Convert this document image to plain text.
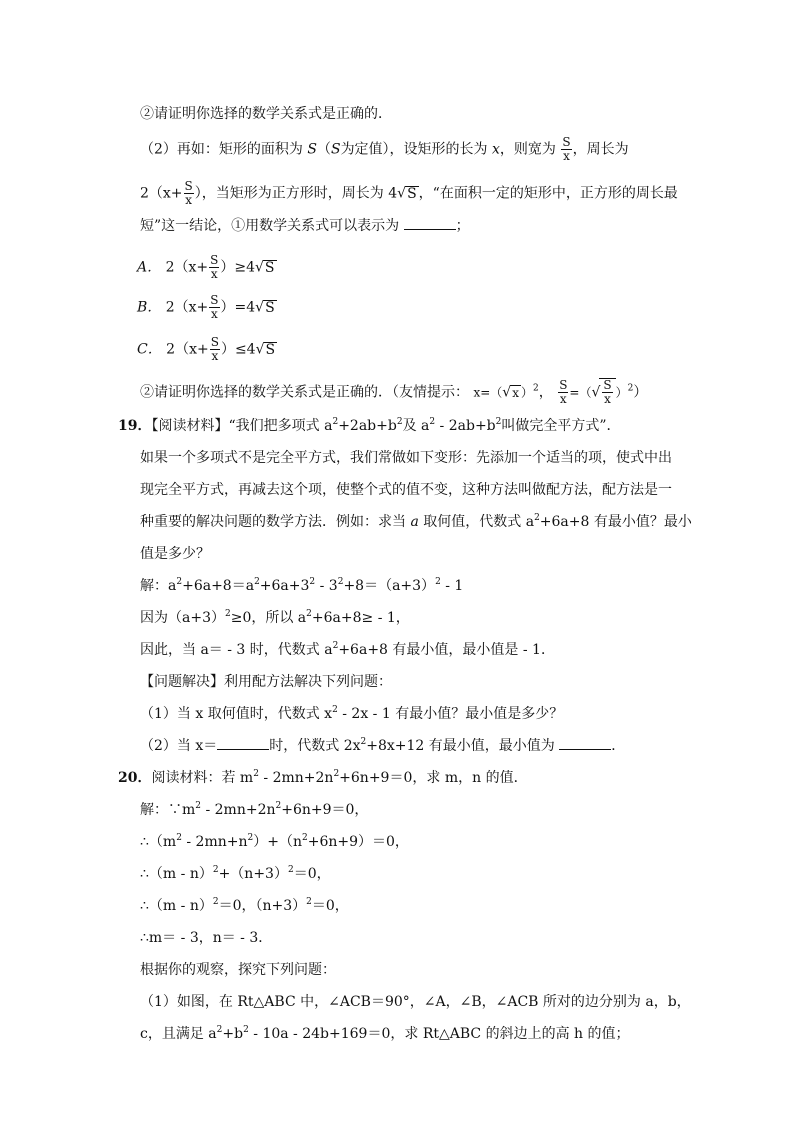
②请证明你选择的数学关系式是正确的．
（2）再如：矩形的面积为 S（S为定值），设矩形的长为 x，则宽为 $\frac{S}{x}$ ，周长为
$2(x+ \frac{S}{x}$ ），当矩形为正方形时，周长为 4√S ，“在面积一定的矩形中，正方形的周长最
短”这一结论，①用数学关系式可以表示为	；
A． $2(x+ \frac{S}{x} )\ge 4√S$
B． $2(x+ \frac{S}{x} )=4√S$
C． $2(x+ \frac{S}{x} )\le 4√S$
②请证明你选择的数学关系式是正确的．（友情提示： x=（√x ）$^2$， $\frac{S}{x}$ =（√ $\frac{S}{x} )^2$）
19．【阅读材料】“我们把多项式 $a^2+2ab+b^2$及 $a^2 - 2ab+b^2$叫做完全平方式”．
如果一个多项式不是完全平方式，我们常做如下变形：先添加一个适当的项，使式中出
现完全平方式，再减去这个项，使整个式的值不变，这种方法叫做配方法，配方法是一
种重要的解决问题的数学方法．例如：求当 a 取何值，代数式 $a^2+6a+8$ 有最小值？最小
值是多少？
解：$a^2+6a+8=a^2+6a+3^2 - 3^2+8=(a+3)^2 - 1$
因为$(a+3)^2\ge 0$，所以 $a^2+6a+8\ge - 1$，
因此，当 a＝ - 3 时，代数式 $a^2+6a+8$ 有最小值，最小值是 - 1．
【问题解决】利用配方法解决下列问题：
（1）当 x 取何值时，代数式 $x^2 - 2x - 1$ 有最小值？最小值是多少？
（2）当 x＝	时，代数式 $2x^2+8x+12$ 有最小值，最小值为	．
20．阅读材料：若 $m^2 - 2mn+2n^2+6n+9=0$，求 m，n 的值．
解：$\because m^2 - 2mn+2n^2+6n+9=0$，
$\therefore(m^2 - 2mn+n^2)+(n^2+6n+9)=0$，
∴（m - $n)^2+(n+3)^2=0$，
∴（m - n）$^2$＝0，$(n+3)^2=0$，
∴m＝ - 3，n＝ - 3．
根据你的观察，探究下列问题：
（1）如图，在 Rt△ABC 中，∠ACB＝90°，∠A，∠B，∠ACB 所对的边分别为 a，b，
c，且满足 $a^2+b^2 - 10a - 24b+169=0$，求 Rt△ABC 的斜边上的高 h 的值；
